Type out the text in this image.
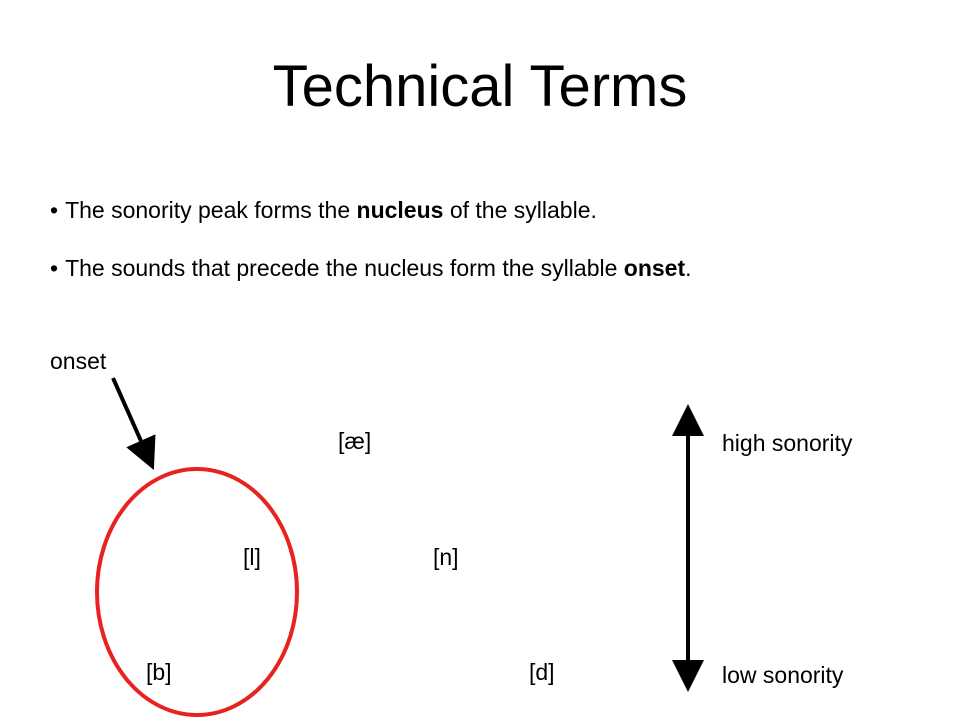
Technical Terms

• The sonority peak forms the nucleus of the syllable.

• The sounds that precede the nucleus form the syllable onset.

onset
[æ]
[l]	[n]
[b]	[d]
high sonority
low sonority
